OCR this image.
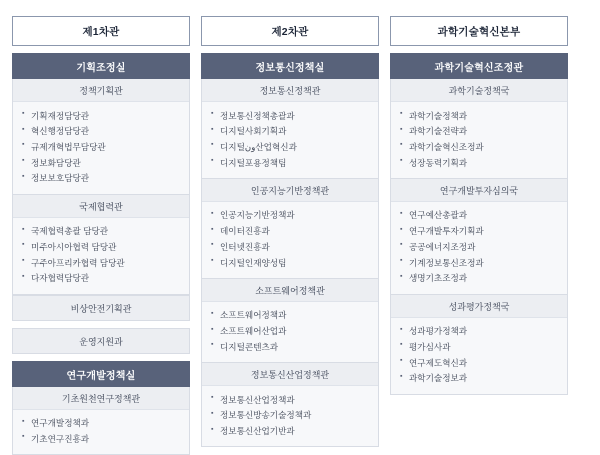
제1차관
기획조정실
정책기획관
▪ 기획재정담당관
▪ 혁신행정담당관
▪ 규제개혁법무담당관
▪ 정보화담당관
▪ 정보보호담당관
국제협력관
▪ 국제협력총괄 담당관
▪ 미주아시아협력 담당관
▪ 구주아프리카협력 담당관
▪ 다자협력담당관
비상안전기획관
운영지원과
연구개발정책실
기초원천연구정책관
▪ 연구개발정책과
▪ 기초연구진흥과
제2차관
정보통신정책실
정보통신정책관
▪ 정보통신정책총괄과
▪ 디지털사회기획과
▪ 디지털ون산업혁신과
▪ 디지털포용정책팀
인공지능기반정책관
▪ 인공지능기반정책과
▪ 데이터진흥과
▪ 인터넷진흥과
▪ 디지털인재양성팀
소프트웨어정책관
▪ 소프트웨어정책과
▪ 소프트웨어산업과
▪ 디지털콘텐츠과
정보통신산업정책관
▪ 정보통신산업정책과
▪ 정보통신방송기술정책과
▪ 정보통신산업기반과
과학기술혁신본부
과학기술혁신조정관
과학기술정책국
▪ 과학기술정책과
▪ 과학기술전략과
▪ 과학기술혁신조정과
▪ 성장동력기획과
연구개발투자심의국
▪ 연구예산총괄과
▪ 연구개발투자기획과
▪ 공공에너지조정과
▪ 기계정보통신조정과
▪ 생명기초조정과
성과평가정책국
▪ 성과평가정책과
▪ 평가심사과
▪ 연구제도혁신과
▪ 과학기술정보과
